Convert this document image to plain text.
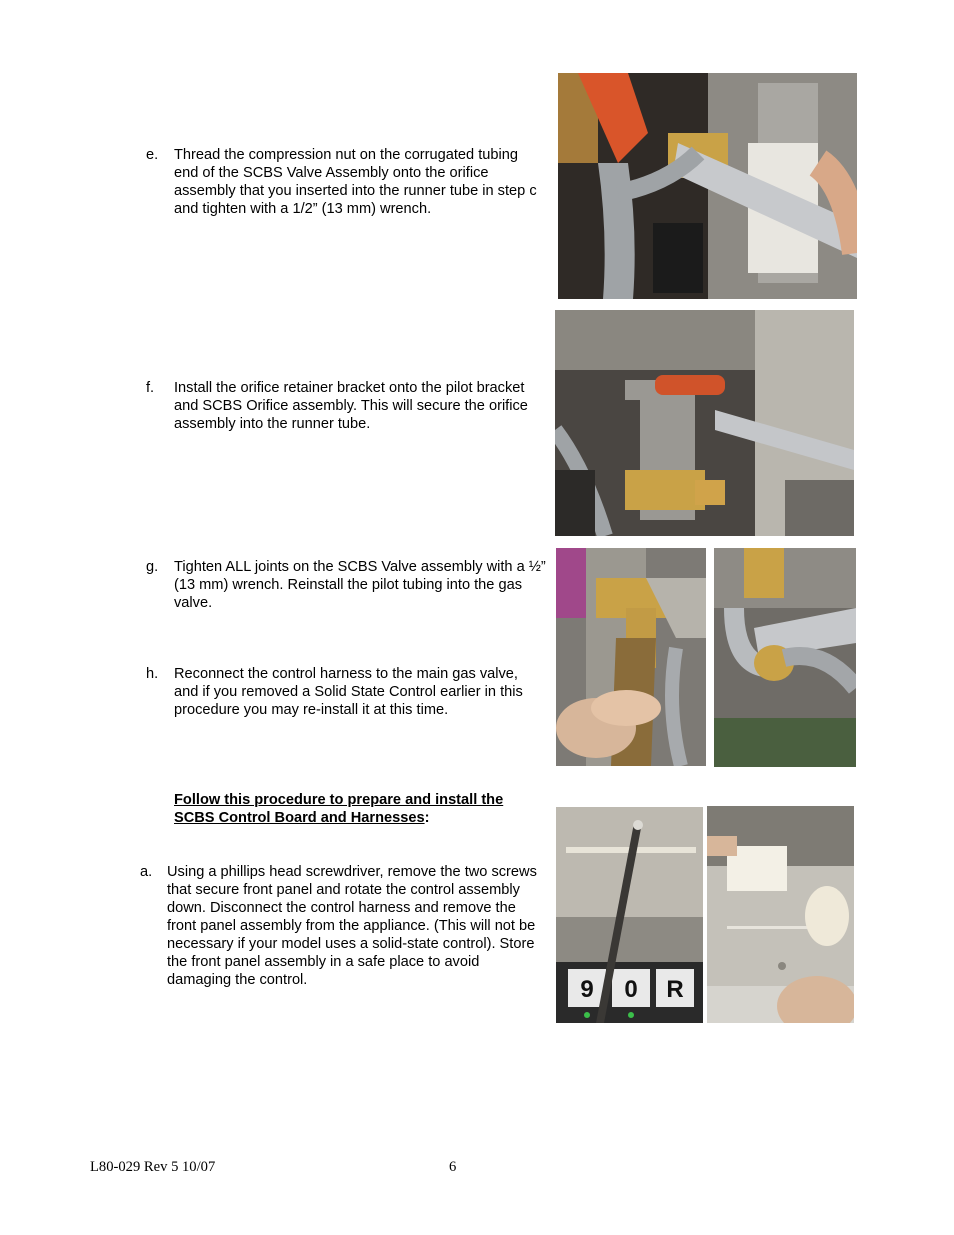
e. Thread the compression nut on the corrugated tubing end of the SCBS Valve Assembly onto the orifice assembly that you inserted into the runner tube in step c and tighten with a 1/2” (13 mm) wrench.
f. Install the orifice retainer bracket onto the pilot bracket and SCBS Orifice assembly. This will secure the orifice assembly into the runner tube.
g. Tighten ALL joints on the SCBS Valve assembly with a ½” (13 mm) wrench. Reinstall the pilot tubing into the gas valve.
h. Reconnect the control harness to the main gas valve, and if you removed a Solid State Control earlier in this procedure you may re-install it at this time.
Follow this procedure to prepare and install the SCBS Control Board and Harnesses:
a. Using a phillips head screwdriver, remove the two screws that secure front panel and rotate the control assembly down. Disconnect the control harness and remove the front panel assembly from the appliance. (This will not be necessary if your model uses a solid-state control). Store the front panel assembly in a safe place to avoid damaging the control.	9 0 R
L80-029 Rev 5 10/07	6
